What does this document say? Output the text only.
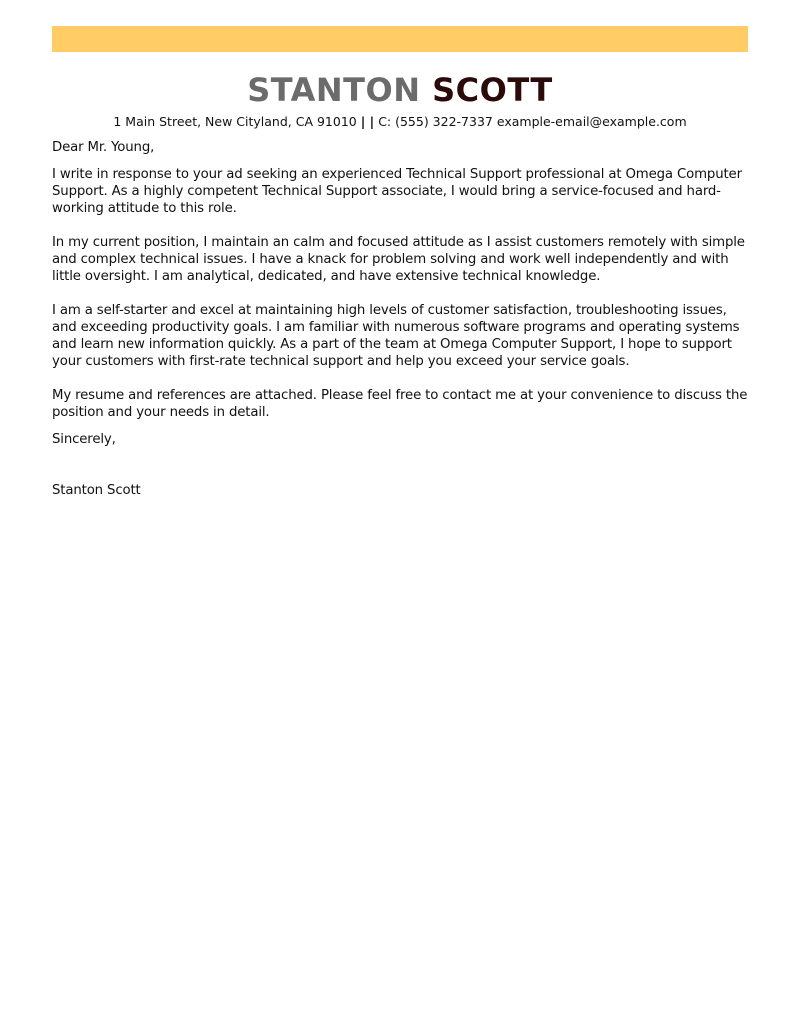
STANTON SCOTT
1 Main Street, New Cityland, CA 91010 | | C: (555) 322-7337 example-email@example.com

Dear Mr. Young,

I write in response to your ad seeking an experienced Technical Support professional at Omega Computer Support. As a highly competent Technical Support associate, I would bring a service-focused and hard-working attitude to this role.

In my current position, I maintain an calm and focused attitude as I assist customers remotely with simple and complex technical issues. I have a knack for problem solving and work well independently and with little oversight. I am analytical, dedicated, and have extensive technical knowledge.

I am a self-starter and excel at maintaining high levels of customer satisfaction, troubleshooting issues, and exceeding productivity goals. I am familiar with numerous software programs and operating systems and learn new information quickly. As a part of the team at Omega Computer Support, I hope to support your customers with first-rate technical support and help you exceed your service goals.

My resume and references are attached. Please feel free to contact me at your convenience to discuss the position and your needs in detail.

Sincerely,

Stanton Scott
